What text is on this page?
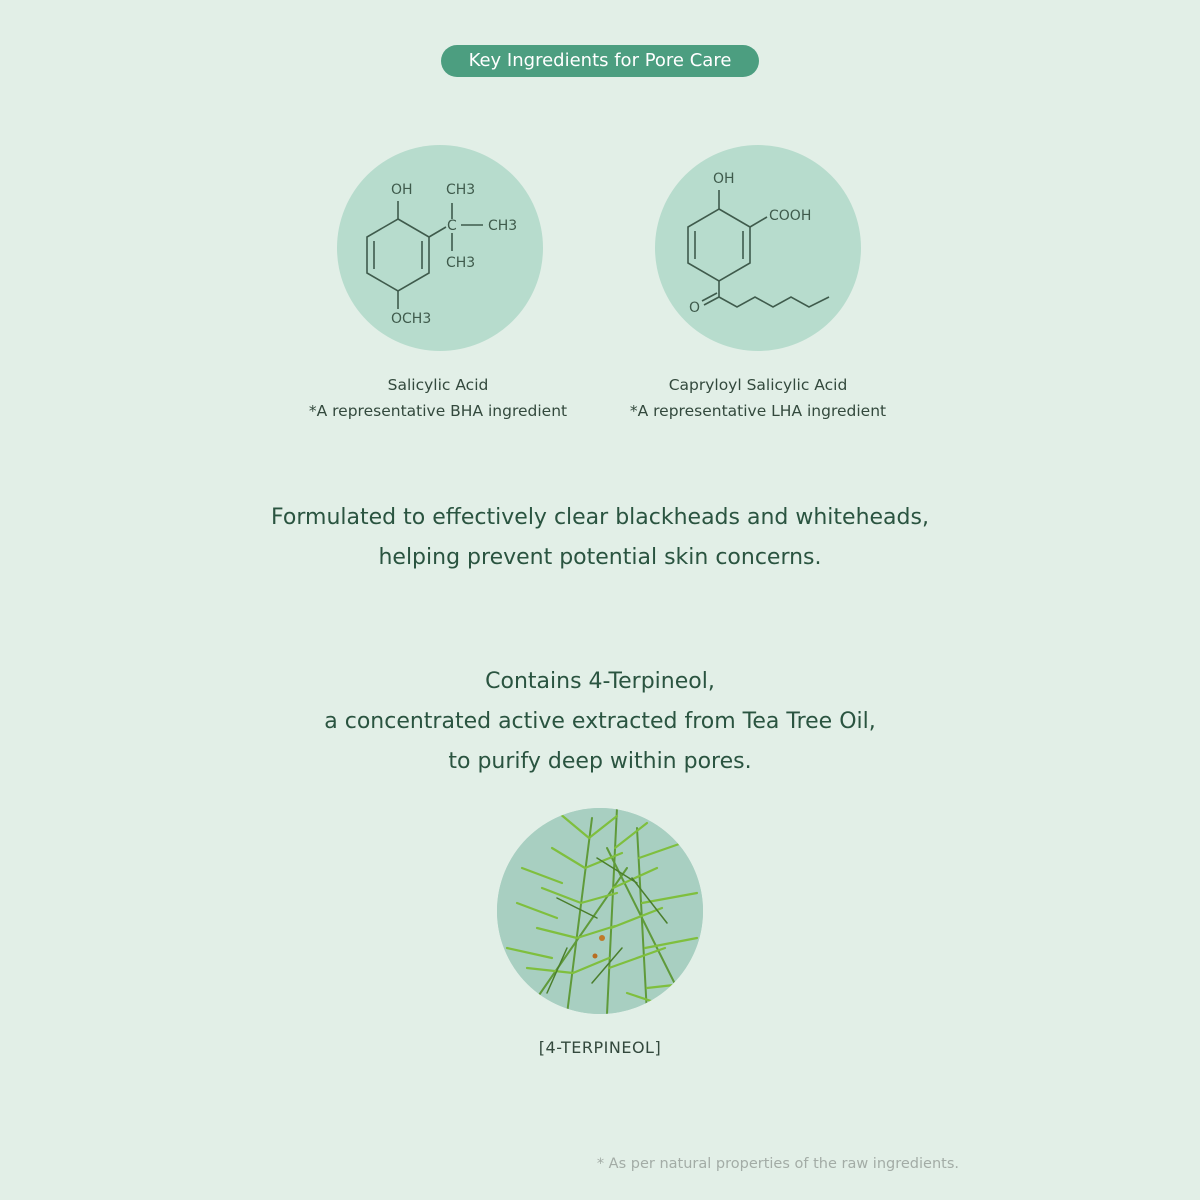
Key Ingredients for Pore Care
OH CH3
C CH3
CH3
OCH3
Salicylic Acid
*A representative BHA ingredient
OH
COOH
O
Capryloyl Salicylic Acid
*A representative LHA ingredient
Formulated to effectively clear blackheads and whiteheads,
helping prevent potential skin concerns.
Contains 4-Terpineol,
a concentrated active extracted from Tea Tree Oil,
to purify deep within pores.
[4-TERPINEOL]
* As per natural properties of the raw ingredients.
